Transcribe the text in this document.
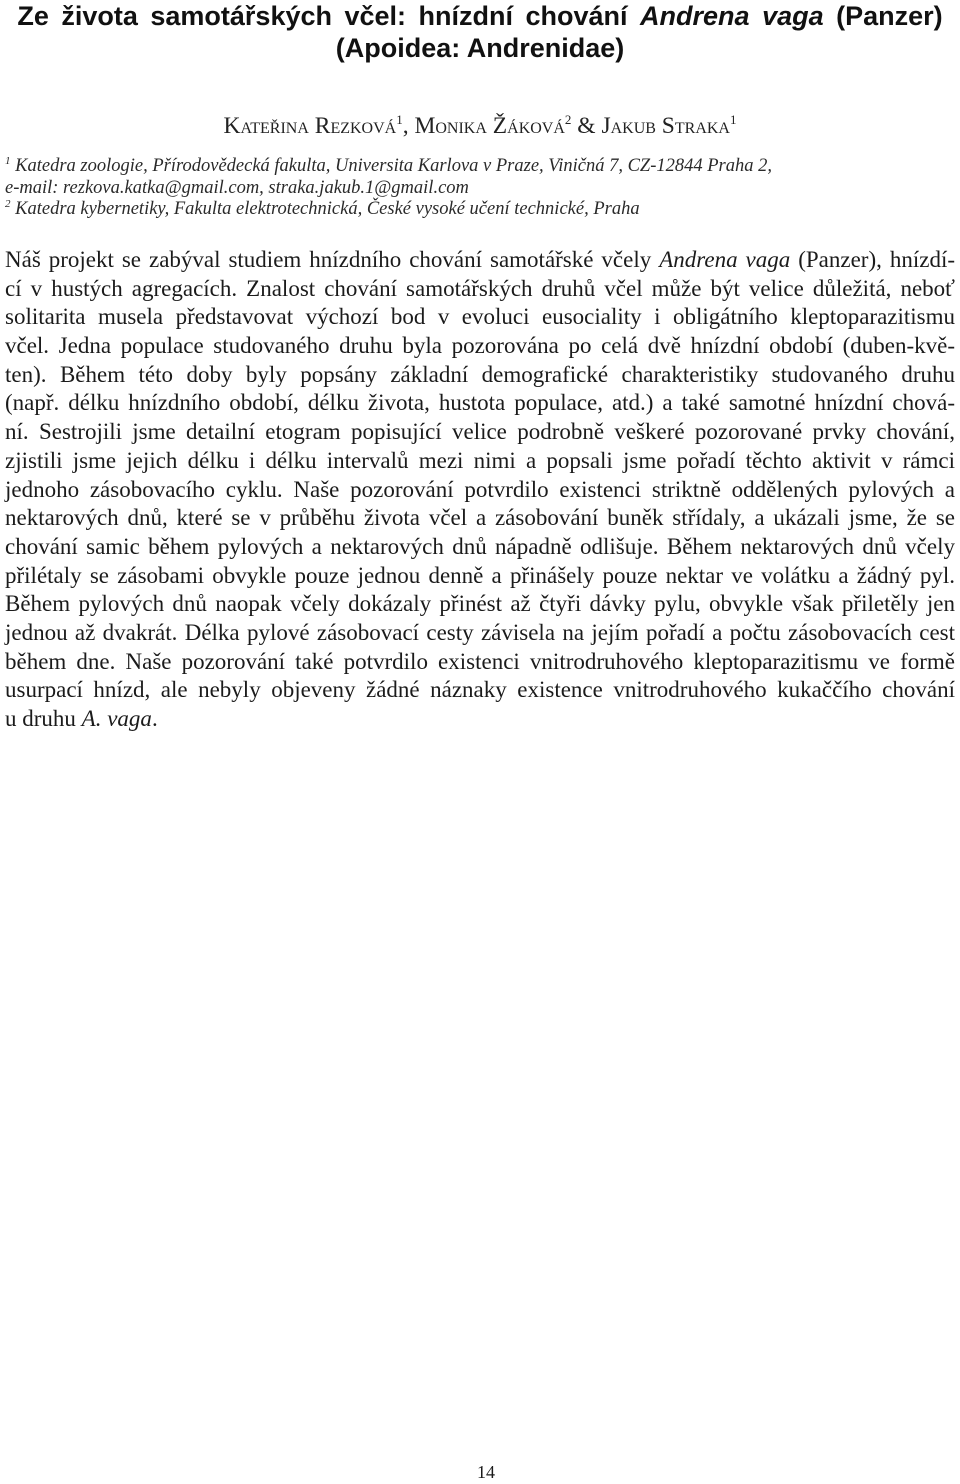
Ze života samotářských včel: hnízdní chování Andrena vaga (Panzer)
(Apoidea: Andrenidae)
Kateřina Rezková$^1$, Monika Žáková$^2$ & Jakub Straka$^1$
$^1$ Katedra zoologie, Přírodovědecká fakulta, Universita Karlova v Praze, Viničná 7, CZ-12844 Praha 2,
e-mail: rezkova.katka@gmail.com, straka.jakub.1@gmail.com
$^2$ Katedra kybernetiky, Fakulta elektrotechnická, České vysoké učení technické, Praha
Náš projekt se zabýval studiem hnízdního chování samotářské včely Andrena vaga (Panzer), hnízdí-
cí v hustých agregacích. Znalost chování samotářských druhů včel může být velice důležitá, neboť
solitarita musela představovat výchozí bod v evoluci eusociality i obligátního kleptoparazitismu
včel. Jedna populace studovaného druhu byla pozorována po celá dvě hnízdní období (duben-kvě-
ten). Během této doby byly popsány základní demografické charakteristiky studovaného druhu
(např. délku hnízdního období, délku života, hustota populace, atd.) a také samotné hnízdní chová-
ní. Sestrojili jsme detailní etogram popisující velice podrobně veškeré pozorované prvky chování,
zjistili jsme jejich délku i délku intervalů mezi nimi a popsali jsme pořadí těchto aktivit v rámci
jednoho zásobovacího cyklu. Naše pozorování potvrdilo existenci striktně oddělených pylových a
nektarových dnů, které se v průběhu života včel a zásobování buněk střídaly, a ukázali jsme, že se
chování samic během pylových a nektarových dnů nápadně odlišuje. Během nektarových dnů včely
přilétaly se zásobami obvykle pouze jednou denně a přinášely pouze nektar ve volátku a žádný pyl.
Během pylových dnů naopak včely dokázaly přinést až čtyři dávky pylu, obvykle však přiletěly jen
jednou až dvakrát. Délka pylové zásobovací cesty závisela na jejím pořadí a počtu zásobovacích cest
během dne. Naše pozorování také potvrdilo existenci vnitrodruhového kleptoparazitismu ve formě
usurpací hnízd, ale nebyly objeveny žádné náznaky existence vnitrodruhového kukaččího chování
u druhu A. vaga.
14
